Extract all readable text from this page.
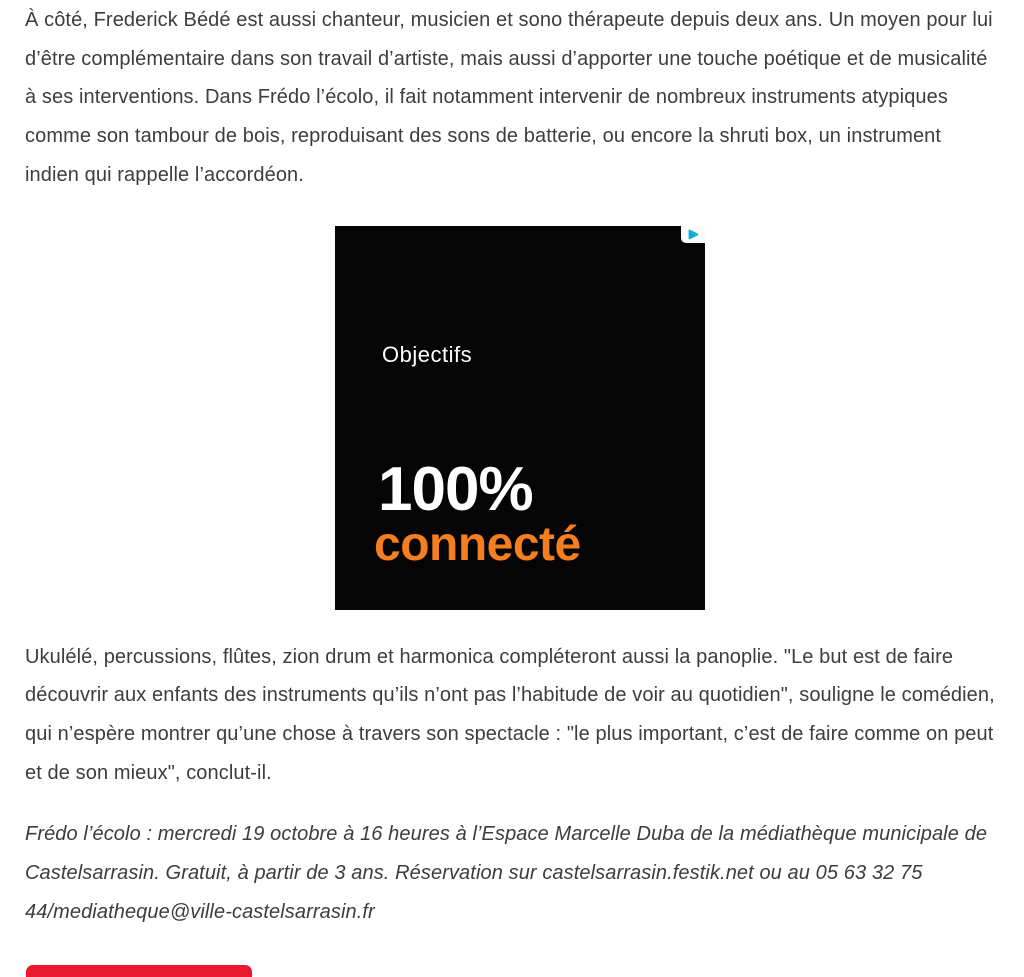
À côté, Frederick Bédé est aussi chanteur, musicien et sono thérapeute depuis deux ans. Un moyen pour lui d’être complémentaire dans son travail d’artiste, mais aussi d’apporter une touche poétique et de musicalité à ses interventions. Dans Frédo l’écolo, il fait notamment intervenir de nombreux instruments atypiques comme son tambour de bois, reproduisant des sons de batterie, ou encore la shruti box, un instrument indien qui rappelle l’accordéon.

Objectifs
100%
connecté

Ukulélé, percussions, flûtes, zion drum et harmonica compléteront aussi la panoplie. "Le but est de faire découvrir aux enfants des instruments qu’ils n’ont pas l’habitude de voir au quotidien", souligne le comédien, qui n’espère montrer qu’une chose à travers son spectacle : "le plus important, c’est de faire comme on peut et de son mieux", conclut-il.

Frédo l’écolo : mercredi 19 octobre à 16 heures à l’Espace Marcelle Duba de la médiathèque municipale de Castelsarrasin. Gratuit, à partir de 3 ans. Réservation sur castelsarrasin.festik.net ou au 05 63 32 75 44/mediatheque@ville-castelsarrasin.fr
